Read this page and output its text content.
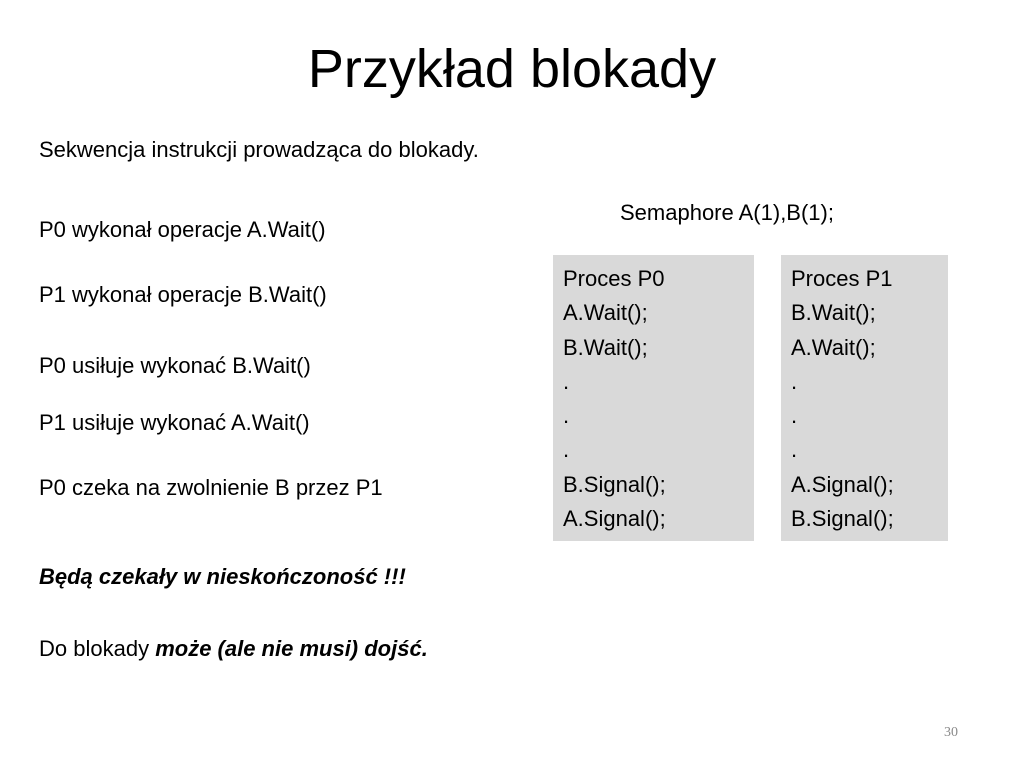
Przykład blokady
Sekwencja instrukcji prowadząca do blokady.
P0 wykonał operacje A.Wait()
P1 wykonał operacje B.Wait()
P0 usiłuje wykonać B.Wait()
P1 usiłuje wykonać A.Wait()
P0 czeka na zwolnienie B przez P1
Będą czekały w nieskończoność !!!
Do blokady może (ale nie musi) dojść.
Semaphore A(1),B(1);
Proces P0
A.Wait();
B.Wait();
.
.
.
B.Signal();
A.Signal();
Proces P1
B.Wait();
A.Wait();
.
.
.
A.Signal();
B.Signal();
30
